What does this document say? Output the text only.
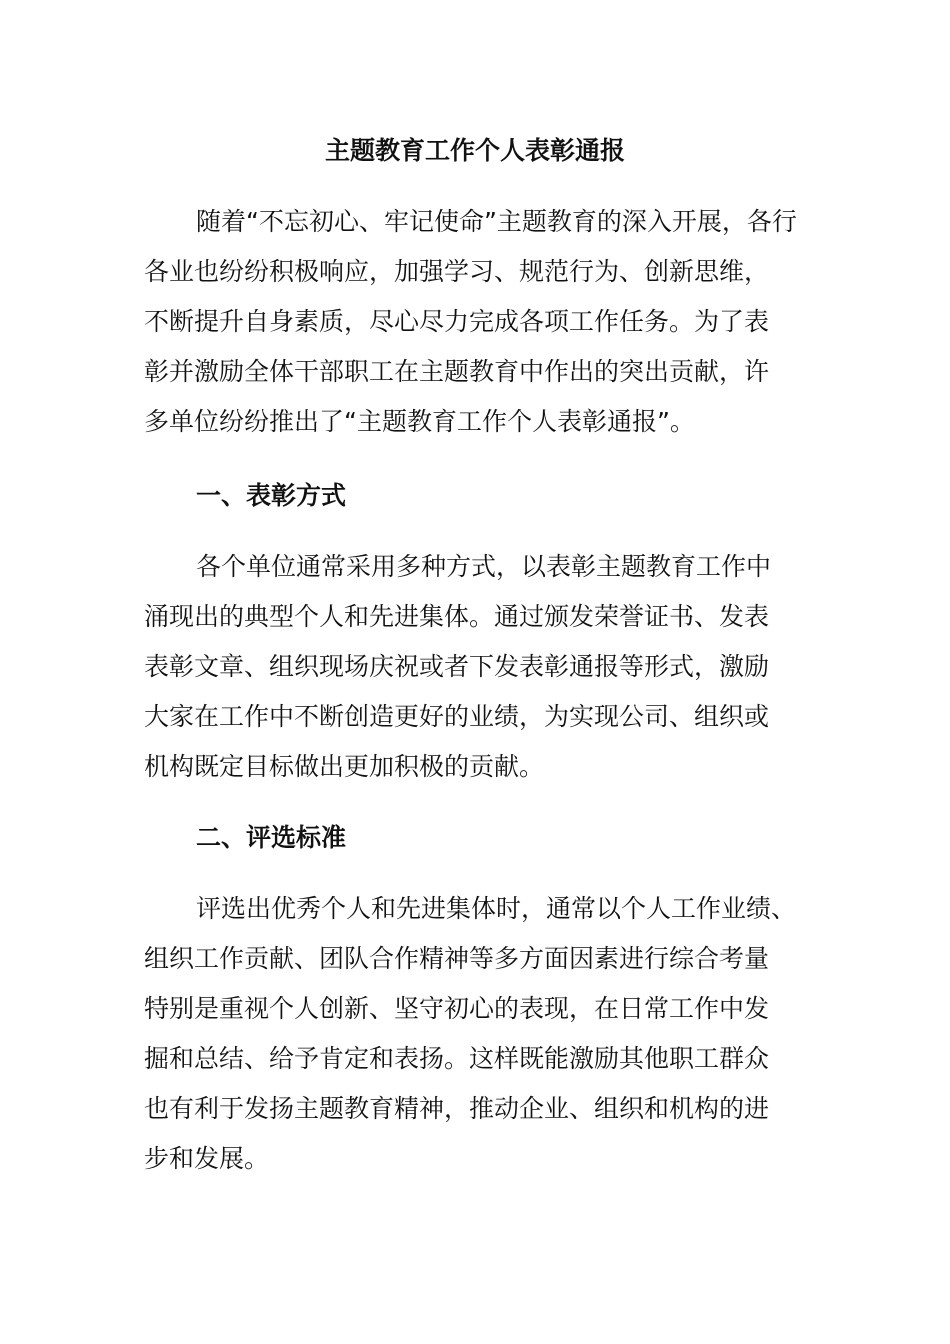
主题教育工作个人表彰通报
随着“不忘初心、牢记使命”主题教育的深入开展，各行
各业也纷纷积极响应，加强学习、规范行为、创新思维，
不断提升自身素质，尽心尽力完成各项工作任务。为了表
彰并激励全体干部职工在主题教育中作出的突出贡献，许
多单位纷纷推出了“主题教育工作个人表彰通报”。
一、表彰方式
各个单位通常采用多种方式，以表彰主题教育工作中
涌现出的典型个人和先进集体。通过颁发荣誉证书、发表
表彰文章、组织现场庆祝或者下发表彰通报等形式，激励
大家在工作中不断创造更好的业绩，为实现公司、组织或
机构既定目标做出更加积极的贡献。
二、评选标准
评选出优秀个人和先进集体时，通常以个人工作业绩、
组织工作贡献、团队合作精神等多方面因素进行综合考量
特别是重视个人创新、坚守初心的表现，在日常工作中发
掘和总结、给予肯定和表扬。这样既能激励其他职工群众
也有利于发扬主题教育精神，推动企业、组织和机构的进
步和发展。
